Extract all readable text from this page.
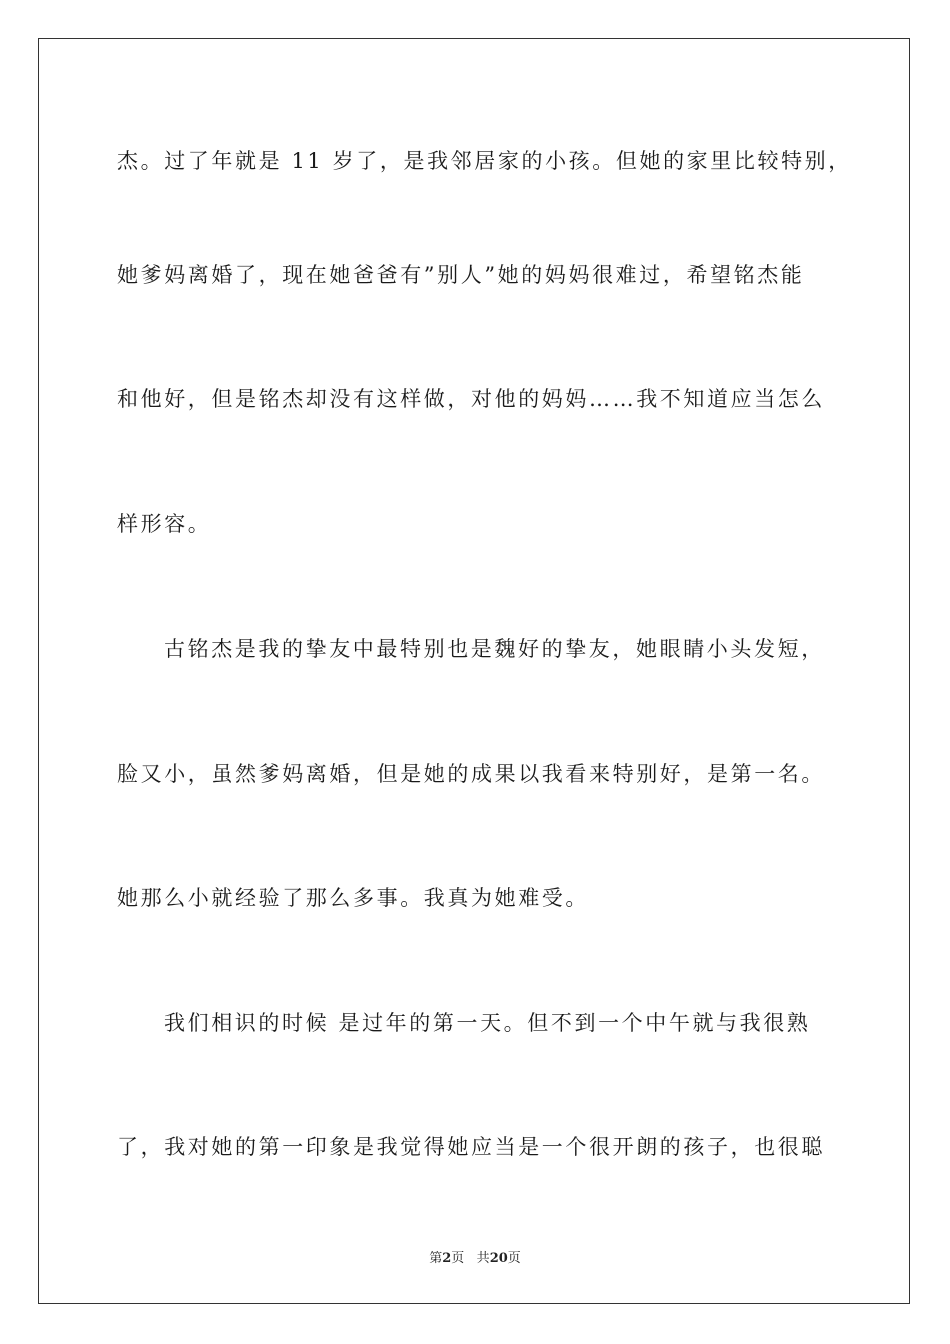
杰。过了年就是 11 岁了，是我邻居家的小孩。但她的家里比较特别，
她爹妈离婚了，现在她爸爸有”别人”她的妈妈很难过，希望铭杰能
和他好，但是铭杰却没有这样做，对他的妈妈……我不知道应当怎么
样形容。
古铭杰是我的挚友中最特别也是魏好的挚友，她眼睛小头发短，
脸又小，虽然爹妈离婚，但是她的成果以我看来特别好，是第一名。
她那么小就经验了那么多事。我真为她难受。
我们相识的时候 是过年的第一天。但不到一个中午就与我很熟
了，我对她的第一印象是我觉得她应当是一个很开朗的孩子，也很聪
第2页 共20页
